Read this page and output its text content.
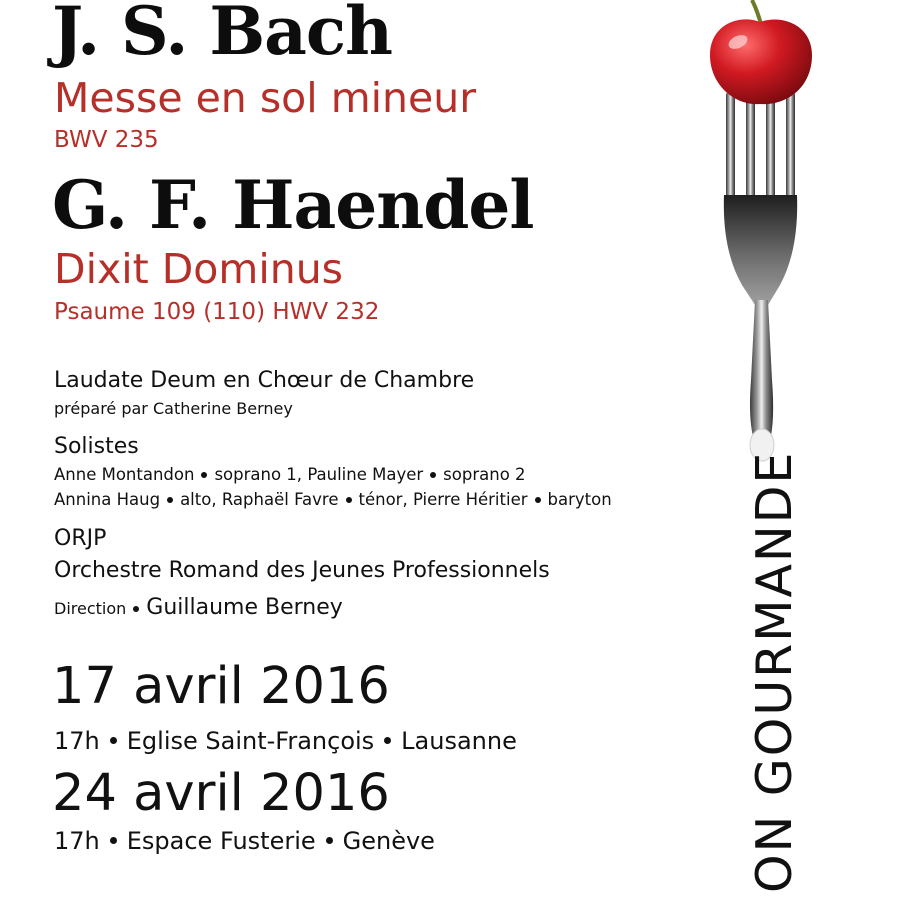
J. S. Bach
Messe en sol mineur
BWV 235
G. F. Haendel
Dixit Dominus
Psaume 109 (110) HWV 232
Laudate Deum en Chœur de Chambre
préparé par Catherine Berney
Solistes
Anne Montandon soprano 1, Pauline Mayer soprano 2
Annina Haug alto, Raphaël Favre ténor, Pierre Héritier baryton
ORJP
Orchestre Romand des Jeunes Professionnels
Direction Guillaume Berney
17 avril 2016
17h Eglise Saint-François Lausanne
24 avril 2016
17h Espace Fusterie Genève	ON GOURMANDE
